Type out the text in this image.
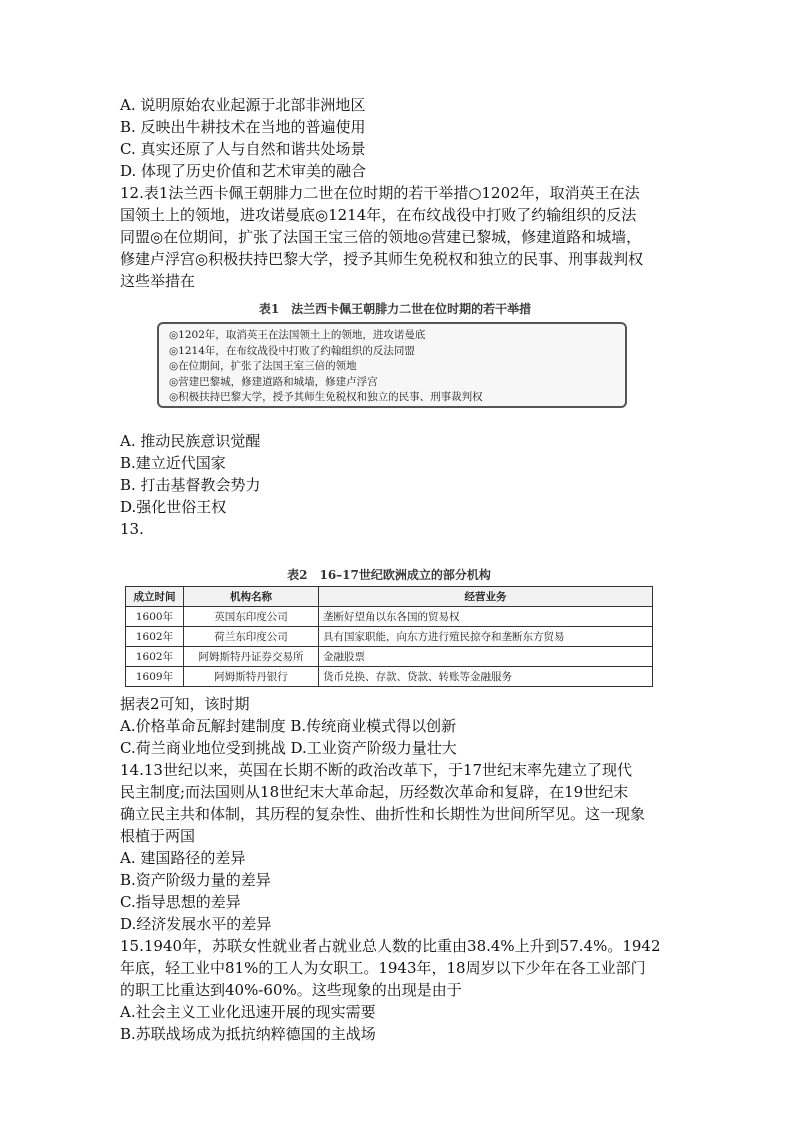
A. 说明原始农业起源于北部非洲地区
B. 反映出牛耕技术在当地的普遍使用
C. 真实还原了人与自然和谐共处场景
D. 体现了历史价值和艺术审美的融合
12.表1法兰西卡佩王朝腓力二世在位时期的若干举措○1202年，取消英王在法
国领土上的领地，进攻诺曼底◎1214年，在布纹战役中打败了约输组织的反法
同盟◎在位期间，扩张了法国王宝三倍的领地◎营建已黎城，修建道路和城墙，
修建卢浮宫◎积极扶持巴黎大学，授予其师生免税权和独立的民事、刑事裁判权
这些举措在
表1　法兰西卡佩王朝腓力二世在位时期的若干举措
◎1202年，取消英王在法国领土上的领地，进攻诺曼底
◎1214年，在布纹战役中打败了约翰组织的反法同盟
◎在位期间，扩张了法国王室三倍的领地
◎营建巴黎城，修建道路和城墙，修建卢浮宫
◎积极扶持巴黎大学，授予其师生免税权和独立的民事、刑事裁判权
A. 推动民族意识觉醒
B.建立近代国家
B. 打击基督教会势力
D.强化世俗王权
13.
表2　16–17世纪欧洲成立的部分机构
成立时间	机构名称	经营业务
1600年	英国东印度公司	垄断好望角以东各国的贸易权
1602年	荷兰东印度公司	具有国家职能，向东方进行殖民掠夺和垄断东方贸易
1602年	阿姆斯特丹证券交易所	金融股票
1609年	阿姆斯特丹银行	货币兑换、存款、贷款、转账等金融服务
据表2可知，该时期
A.价格革命瓦解封建制度 B.传统商业模式得以创新
C.荷兰商业地位受到挑战 D.工业资产阶级力量壮大
14.13世纪以来，英国在长期不断的政治改革下，于17世纪末率先建立了现代
民主制度;而法国则从18世纪末大革命起，历经数次革命和复辟，在19世纪末
确立民主共和体制，其历程的复杂性、曲折性和长期性为世间所罕见。这一现象
根植于两国
A. 建国路径的差异
B.资产阶级力量的差异
C.指导思想的差异
D.经济发展水平的差异
15.1940年，苏联女性就业者占就业总人数的比重由38.4%上升到57.4%。1942
年底，轻工业中81%的工人为女职工。1943年，18周岁以下少年在各工业部门
的职工比重达到40%-60%。这些现象的出现是由于
A.社会主义工业化迅速开展的现实需要
B.苏联战场成为抵抗纳粹德国的主战场
